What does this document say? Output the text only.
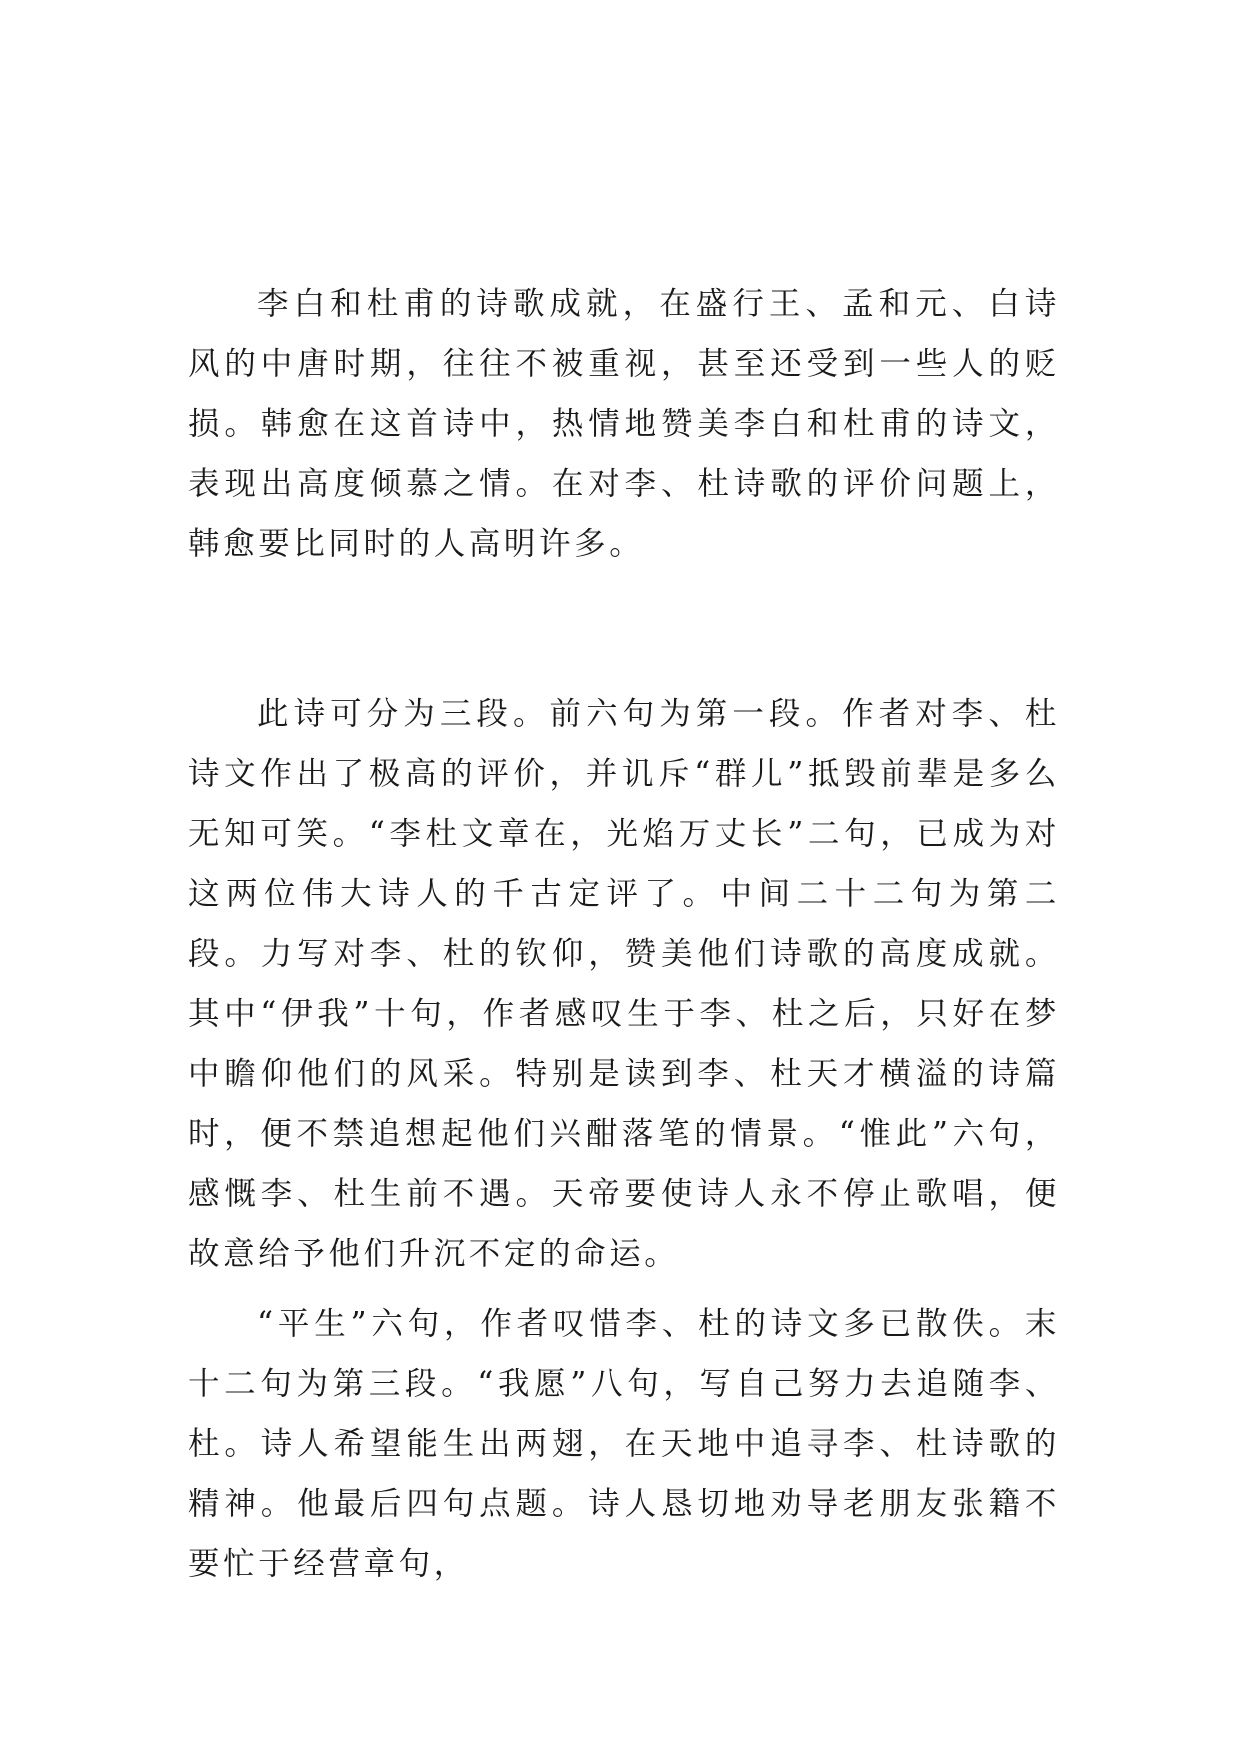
李白和杜甫的诗歌成就，在盛行王、孟和元、白诗风的中唐时期，往往不被重视，甚至还受到一些人的贬损。韩愈在这首诗中，热情地赞美李白和杜甫的诗文，表现出高度倾慕之情。在对李、杜诗歌的评价问题上，韩愈要比同时的人高明许多。

此诗可分为三段。前六句为第一段。作者对李、杜诗文作出了极高的评价，并讥斥“群儿”抵毁前辈是多么无知可笑。“李杜文章在，光焰万丈长”二句，已成为对这两位伟大诗人的千古定评了。中间二十二句为第二段。力写对李、杜的钦仰，赞美他们诗歌的高度成就。其中“伊我”十句，作者感叹生于李、杜之后，只好在梦中瞻仰他们的风采。特别是读到李、杜天才横溢的诗篇时，便不禁追想起他们兴酣落笔的情景。“惟此”六句，感慨李、杜生前不遇。天帝要使诗人永不停止歌唱，便故意给予他们升沉不定的命运。

“平生”六句，作者叹惜李、杜的诗文多已散佚。末十二句为第三段。“我愿”八句，写自己努力去追随李、杜。诗人希望能生出两翅，在天地中追寻李、杜诗歌的精神。他最后四句点题。诗人恳切地劝导老朋友张籍不要忙于经营章句，
